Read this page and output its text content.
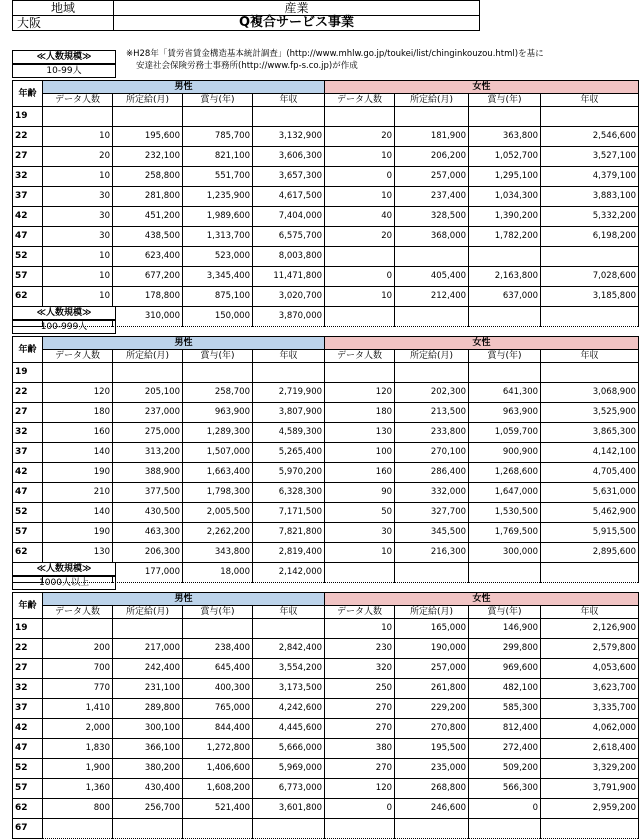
地域	産業
大阪	Q複合サービス事業
※H28年「賃労省賃金構造基本統計調査」(http://www.mhlw.go.jp/toukei/list/chinginkouzou.html)を基に
安達社会保険労務士事務所(http://www.fp-s.co.jp)が作成
≪人数規模≫
10-99人
年齢	男性				女性			
	データ人数	所定給(月)	賞与(年)	年収	データ人数	所定給(月)	賞与(年)	年収
19								
22	10	195,600	785,700	3,132,900	20	181,900	363,800	2,546,600
27	20	232,100	821,100	3,606,300	10	206,200	1,052,700	3,527,100
32	10	258,800	551,700	3,657,300	0	257,000	1,295,100	4,379,100
37	30	281,800	1,235,900	4,617,500	10	237,400	1,034,300	3,883,100
42	30	451,200	1,989,600	7,404,000	40	328,500	1,390,200	5,332,200
47	30	438,500	1,313,700	6,575,700	20	368,000	1,782,200	6,198,200
52	10	623,400	523,000	8,003,800				
57	10	677,200	3,345,400	11,471,800	0	405,400	2,163,800	7,028,600
62	10	178,800	875,100	3,020,700	10	212,400	637,000	3,185,800
		310,000	150,000	3,870,000				
≪人数規模≫
100-999人
年齢	男性				女性			
	データ人数	所定給(月)	賞与(年)	年収	データ人数	所定給(月)	賞与(年)	年収
19								
22	120	205,100	258,700	2,719,900	120	202,300	641,300	3,068,900
27	180	237,000	963,900	3,807,900	180	213,500	963,900	3,525,900
32	160	275,000	1,289,300	4,589,300	130	233,800	1,059,700	3,865,300
37	140	313,200	1,507,000	5,265,400	100	270,100	900,900	4,142,100
42	190	388,900	1,663,400	5,970,200	160	286,400	1,268,600	4,705,400
47	210	377,500	1,798,300	6,328,300	90	332,000	1,647,000	5,631,000
52	140	430,500	2,005,500	7,171,500	50	327,700	1,530,500	5,462,900
57	190	463,300	2,262,200	7,821,800	30	345,500	1,769,500	5,915,500
62	130	206,300	343,800	2,819,400	10	216,300	300,000	2,895,600
		177,000	18,000	2,142,000				
≪人数規模≫
1000人以上
年齢	男性				女性			
	データ人数	所定給(月)	賞与(年)	年収	データ人数	所定給(月)	賞与(年)	年収
19					10	165,000	146,900	2,126,900
22	200	217,000	238,400	2,842,400	230	190,000	299,800	2,579,800
27	700	242,400	645,400	3,554,200	320	257,000	969,600	4,053,600
32	770	231,100	400,300	3,173,500	250	261,800	482,100	3,623,700
37	1,410	289,800	765,000	4,242,600	270	229,200	585,300	3,335,700
42	2,000	300,100	844,400	4,445,600	270	270,800	812,400	4,062,000
47	1,830	366,100	1,272,800	5,666,000	380	195,500	272,400	2,618,400
52	1,900	380,200	1,406,600	5,969,000	270	235,000	509,200	3,329,200
57	1,360	430,400	1,608,200	6,773,000	120	268,800	566,300	3,791,900
62	800	256,700	521,400	3,601,800	0	246,600	0	2,959,200
67								
